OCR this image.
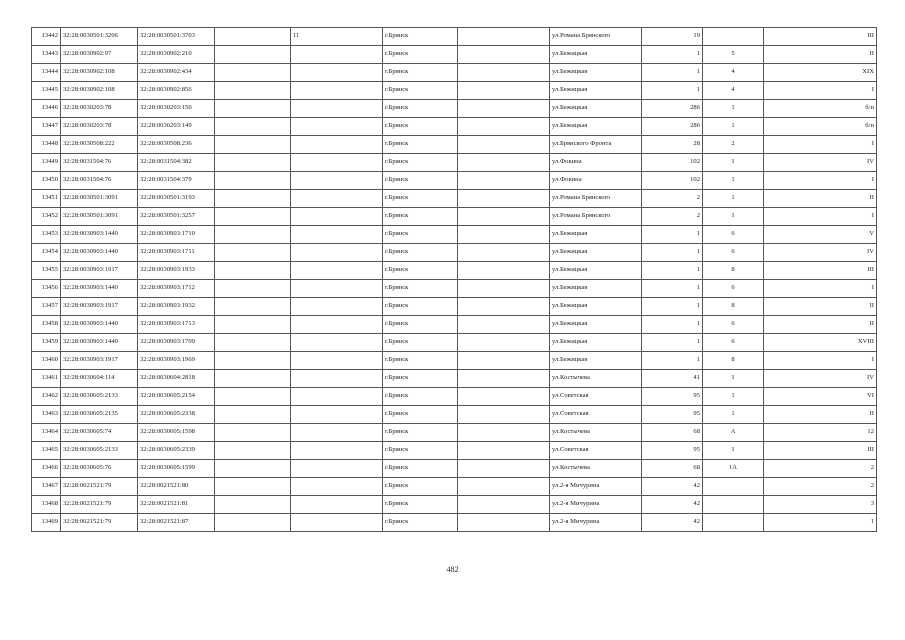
13442	32:28:0030501:3206	32:28:0030501:3703		11	г.Брянск		ул.Романа Брянского	19		III
13443	32:28:0030902:97	32:28:0030902:210			г.Брянск		ул.Бежицкая	1	5	II
13444	32:28:0030902:108	32:28:0030902:434			г.Брянск		ул.Бежицкая	1	4	XIX
13445	32:28:0030902:108	32:28:0030902:856			г.Брянск		ул.Бежицкая	1	4	I
13446	32:28:0030203:78	32:28:0030203:150			г.Брянск		ул.Бежицкая	286	1	б/н
13447	32:28:0030203:78	32:28:0030203:149			г.Брянск		ул.Бежицкая	286	1	б/н
13448	32:28:0030508:222	32:28:0030508:236			г.Брянск		ул.Брянского Фронта	28	2	I
13449	32:28:0031504:76	32:28:0031504:382			г.Брянск		ул.Фокина	102	1	IV
13450	32:28:0031504:76	32:28:0031504:379			г.Брянск		ул.Фокина	102	1	I
13451	32:28:0030501:3091	32:28:0030501:3193			г.Брянск		ул.Романа Брянского	2	1	II
13452	32:28:0030501:3091	32:28:0030501:3257			г.Брянск		ул.Романа Брянского	2	1	I
13453	32:28:0030903:1440	32:28:0030903:1710			г.Брянск		ул.Бежицкая	1	6	V
13454	32:28:0030903:1440	32:28:0030903:1711			г.Брянск		ул.Бежицкая	1	6	IV
13455	32:28:0030903:1917	32:28:0030903:1933			г.Брянск		ул.Бежицкая	1	8	III
13456	32:28:0030903:1440	32:28:0030903:1712			г.Брянск		ул.Бежицкая	1	6	I
13457	32:28:0030903:1917	32:28:0030903:1932			г.Брянск		ул.Бежицкая	1	8	II
13458	32:28:0030903:1440	32:28:0030903:1713			г.Брянск		ул.Бежицкая	1	6	II
13459	32:28:0030903:1440	32:28:0030903:1709			г.Брянск		ул.Бежицкая	1	6	XVIII
13460	32:28:0030903:1917	32:28:0030903:1969			г.Брянск		ул.Бежицкая	1	8	I
13461	32:28:0030604:114	32:28:0030604:2818			г.Брянск		ул.Костычева	41	1	IV
13462	32:28:0030605:2133	32:28:0030605:2154			г.Брянск		ул.Советская	95	1	VI
13463	32:28:0030605:2135	32:28:0030605:2338			г.Брянск		ул.Советская	95	1	II
13464	32:28:0030605:74	32:28:0030605:1598			г.Брянск		ул.Костычева	68	А	12
13465	32:28:0030605:2133	32:28:0030605:2339			г.Брянск		ул.Советская	95	1	III
13466	32:28:0030605:76	32:28:0030605:1599			г.Брянск		ул.Костычева	68	1А	2
13467	32:28:0021521:79	32:28:0021521:80			г.Брянск		ул.2-я Мичурина	42		2
13468	32:28:0021521:79	32:28:0021521:81			г.Брянск		ул.2-я Мичурина	42		3
13469	32:28:0021521:79	32:28:0021521:87			г.Брянск		ул.2-я Мичурина	42		1
482
